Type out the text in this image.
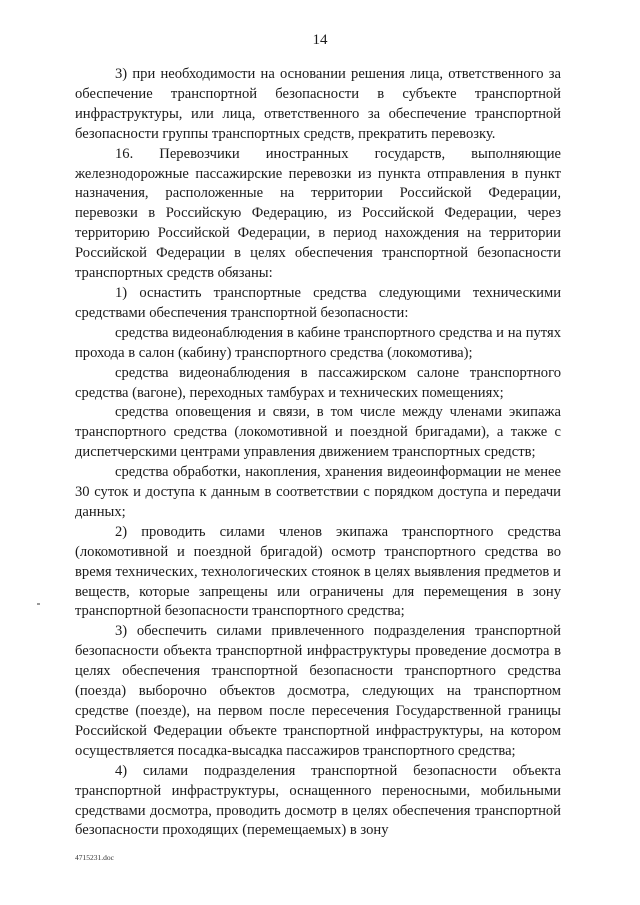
14

3) при необходимости на основании решения лица, ответственного за обеспечение транспортной безопасности в субъекте транспортной инфраструктуры, или лица, ответственного за обеспечение транспортной безопасности группы транспортных средств, прекратить перевозку.

16. Перевозчики иностранных государств, выполняющие железнодорожные пассажирские перевозки из пункта отправления в пункт назначения, расположенные на территории Российской Федерации, перевозки в Российскую Федерацию, из Российской Федерации, через территорию Российской Федерации, в период нахождения на территории Российской Федерации в целях обеспечения транспортной безопасности транспортных средств обязаны:

1) оснастить транспортные средства следующими техническими средствами обеспечения транспортной безопасности:

средства видеонаблюдения в кабине транспортного средства и на путях прохода в салон (кабину) транспортного средства (локомотива);

средства видеонаблюдения в пассажирском салоне транспортного средства (вагоне), переходных тамбурах и технических помещениях;

средства оповещения и связи, в том числе между членами экипажа транспортного средства (локомотивной и поездной бригадами), а также с диспетчерскими центрами управления движением транспортных средств;

средства обработки, накопления, хранения видеоинформации не менее 30 суток и доступа к данным в соответствии с порядком доступа и передачи данных;

2) проводить силами членов экипажа транспортного средства (локомотивной и поездной бригадой) осмотр транспортного средства во время технических, технологических стоянок в целях выявления предметов и веществ, которые запрещены или ограничены для перемещения в зону транспортной безопасности транспортного средства;

3) обеспечить силами привлеченного подразделения транспортной безопасности объекта транспортной инфраструктуры проведение досмотра в целях обеспечения транспортной безопасности транспортного средства (поезда) выборочно объектов досмотра, следующих на транспортном средстве (поезде), на первом после пересечения Государственной границы Российской Федерации объекте транспортной инфраструктуры, на котором осуществляется посадка-высадка пассажиров транспортного средства;

4) силами подразделения транспортной безопасности объекта транспортной инфраструктуры, оснащенного переносными, мобильными средствами досмотра, проводить досмотр в целях обеспечения транспортной безопасности проходящих (перемещаемых) в зону

4715231.doc
